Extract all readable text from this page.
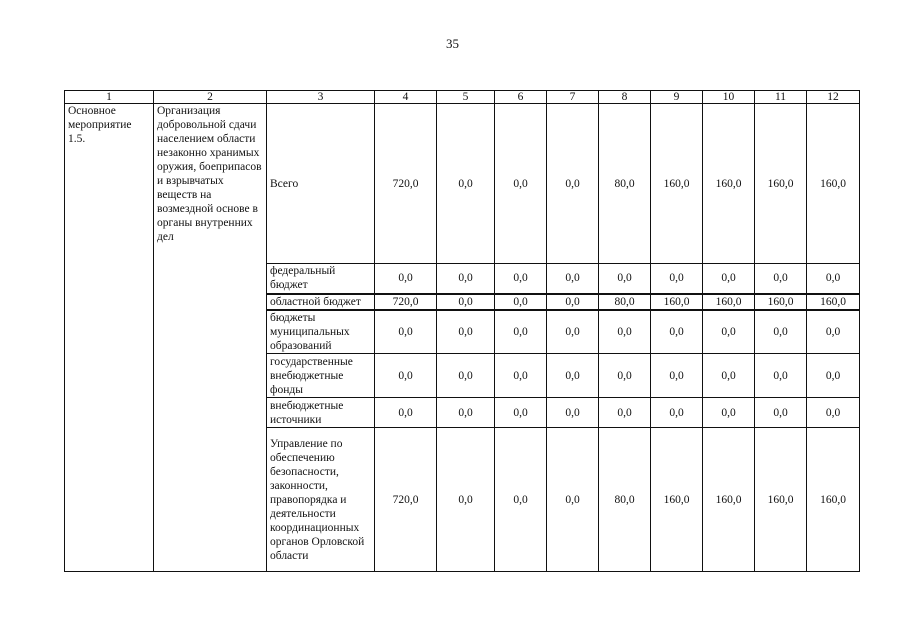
35
1	2	3	4	5	6	7	8	9	10	11	12
Основное мероприятие 1.5.	Организация добровольной сдачи населением области незаконно хранимых оружия, боеприпасов и взрывчатых веществ на возмездной основе в органы внутренних дел	Всего	720,0	0,0	0,0	0,0	80,0	160,0	160,0	160,0	160,0
		федеральный бюджет	0,0	0,0	0,0	0,0	0,0	0,0	0,0	0,0	0,0
		областной бюджет	720,0	0,0	0,0	0,0	80,0	160,0	160,0	160,0	160,0
		бюджеты муниципальных образований	0,0	0,0	0,0	0,0	0,0	0,0	0,0	0,0	0,0
		государственные внебюджетные фонды	0,0	0,0	0,0	0,0	0,0	0,0	0,0	0,0	0,0
		внебюджетные источники	0,0	0,0	0,0	0,0	0,0	0,0	0,0	0,0	0,0
		Управление по обеспечению безопасности, законности, правопорядка и деятельности координационных органов Орловской области	720,0	0,0	0,0	0,0	80,0	160,0	160,0	160,0	160,0
